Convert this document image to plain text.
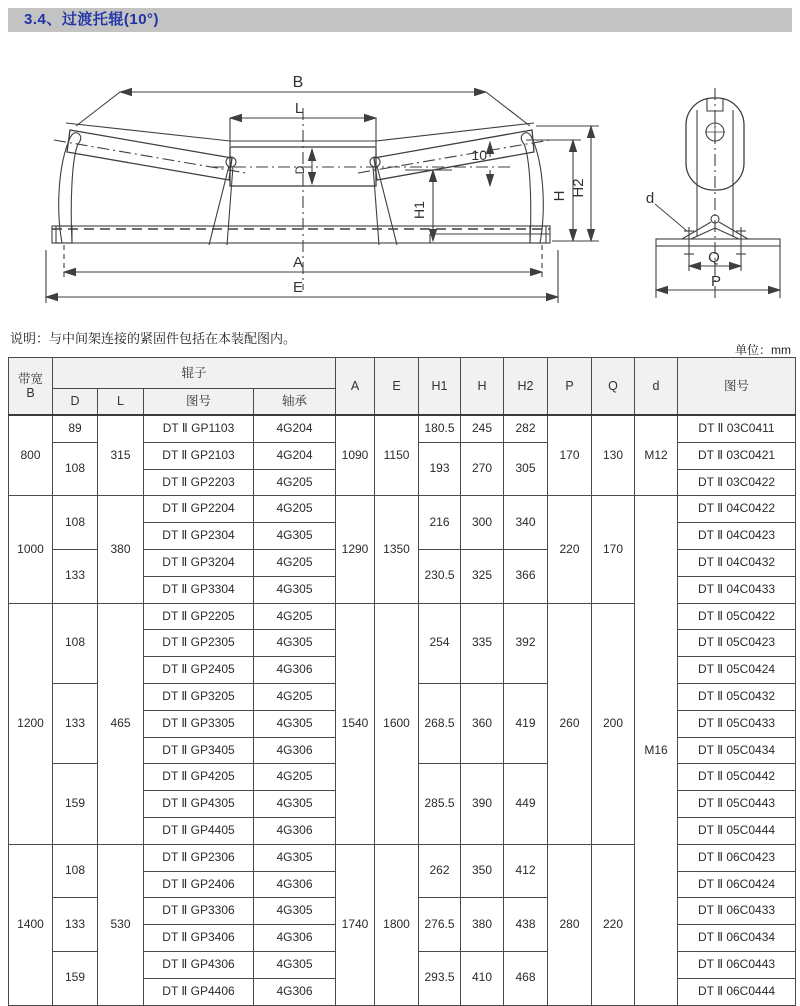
3.4、过渡托辊(10°)
B
L
D
10°
H1
H H2
A
E
d
Q
P
说明：与中间架连接的紧固件包括在本装配图内。
单位：mm
带宽
B	辊子				A	E	H1	H	H2	P	Q	d	图号
	D	L	图号	轴承									
800	89	315	DT Ⅱ GP1103	4G204	1090	1150	180.5	245	282	170	130	M12	DT Ⅱ 03C0411
	108		DT Ⅱ GP2103	4G204			193	270	305				DT Ⅱ 03C0421
			DT Ⅱ GP2203	4G205									DT Ⅱ 03C0422
1000	108	380	DT Ⅱ GP2204	4G205	1290	1350	216	300	340	220	170	M16	DT Ⅱ 04C0422
			DT Ⅱ GP2304	4G305									DT Ⅱ 04C0423
	133		DT Ⅱ GP3204	4G205			230.5	325	366				DT Ⅱ 04C0432
			DT Ⅱ GP3304	4G305									DT Ⅱ 04C0433
1200	108	465	DT Ⅱ GP2205	4G205	1540	1600	254	335	392	260	200		DT Ⅱ 05C0422
			DT Ⅱ GP2305	4G305									DT Ⅱ 05C0423
			DT Ⅱ GP2405	4G306									DT Ⅱ 05C0424
	133		DT Ⅱ GP3205	4G205			268.5	360	419				DT Ⅱ 05C0432
			DT Ⅱ GP3305	4G305									DT Ⅱ 05C0433
			DT Ⅱ GP3405	4G306									DT Ⅱ 05C0434
	159		DT Ⅱ GP4205	4G205			285.5	390	449				DT Ⅱ 05C0442
			DT Ⅱ GP4305	4G305									DT Ⅱ 05C0443
			DT Ⅱ GP4405	4G306									DT Ⅱ 05C0444
1400	108	530	DT Ⅱ GP2306	4G305	1740	1800	262	350	412	280	220		DT Ⅱ 06C0423
			DT Ⅱ GP2406	4G306									DT Ⅱ 06C0424
	133		DT Ⅱ GP3306	4G305			276.5	380	438				DT Ⅱ 06C0433
			DT Ⅱ GP3406	4G306									DT Ⅱ 06C0434
	159		DT Ⅱ GP4306	4G305			293.5	410	468				DT Ⅱ 06C0443
			DT Ⅱ GP4406	4G306									DT Ⅱ 06C0444
